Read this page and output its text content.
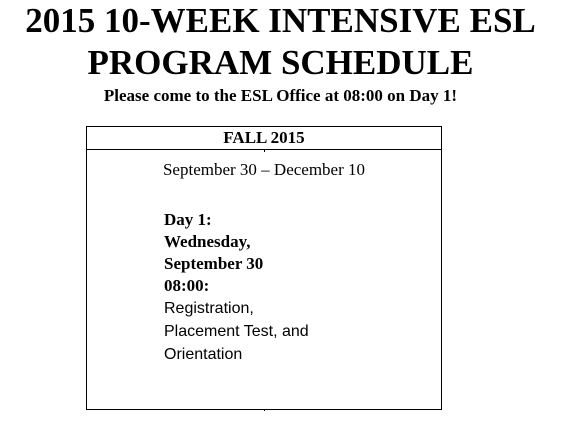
2015 10-WEEK INTENSIVE ESL
PROGRAM SCHEDULE
Please come to the ESL Office at 08:00 on Day 1!
FALL 2015
September 30 – December 10
Day 1:
Wednesday,
September 30
08:00:
Registration,
Placement Test, and
Orientation
